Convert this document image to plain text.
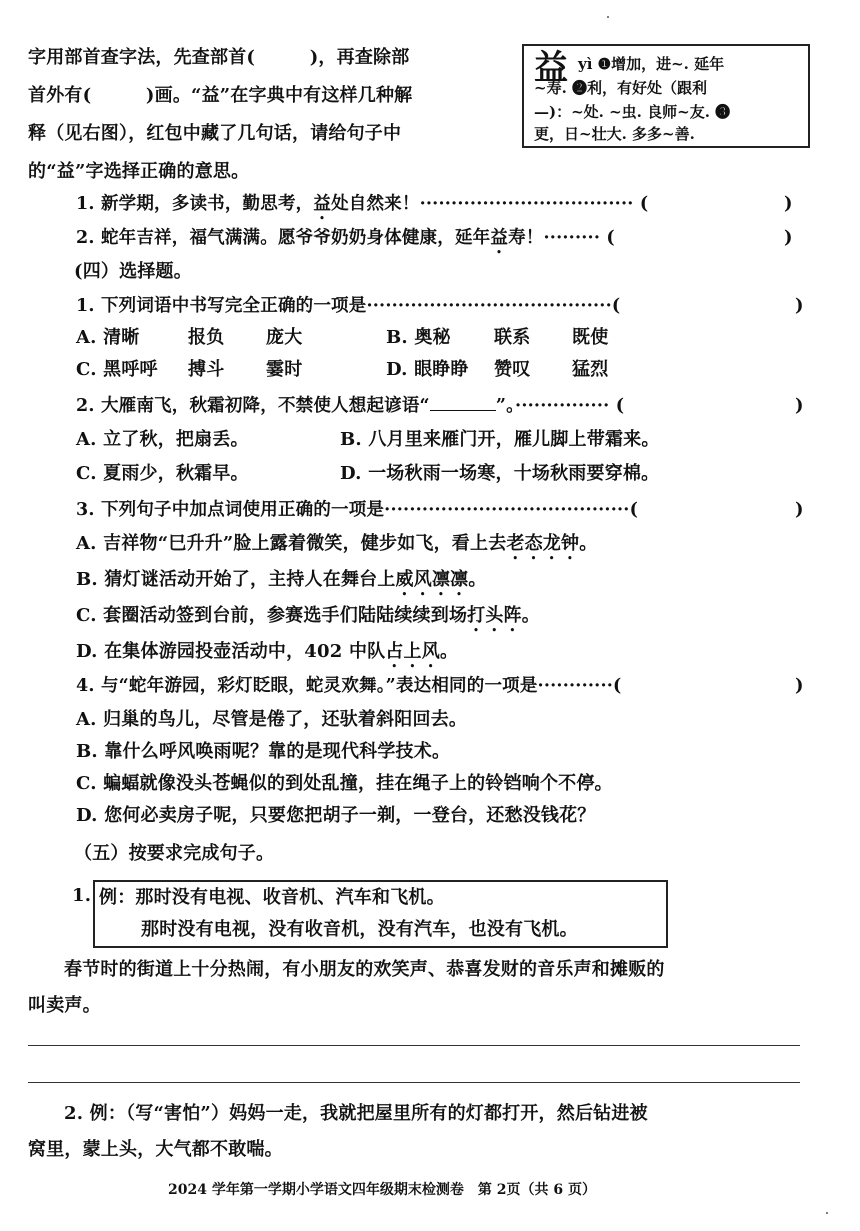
字用部首查字法，先查部首(　　　)，再查除部
首外有(　　　)画。“益”在字典中有这样几种解
释（见右图），红包中藏了几句话，请给句子中
的“益”字选择正确的意思。
益 yì ❶增加，进~. 延年
~寿. ❷利，有好处（跟利
—)：~处. ~虫. 良师~友. ❸
更，日~壮大. 多多~善.
1. 新学期，多读书，勤思考，益处自然来！·································· (	)
2. 蛇年吉祥，福气满满。愿爷爷奶奶身体健康，延年益寿！········· (	)
(四）选择题。
1. 下列词语中书写完全正确的一项是·······································(	)
A. 清晰	报负 庞大	B. 奥秘 联系 既使
C. 黑呼呼 搏斗 霎时	D. 眼睁睁 赞叹 猛烈
2. 大雁南飞，秋霜初降，不禁使人想起谚语“	”。··············· (	)
A. 立了秋，把扇丢。	B. 八月里来雁门开，雁儿脚上带霜来。
C. 夏雨少，秋霜早。	D. 一场秋雨一场寒，十场秋雨要穿棉。
3. 下列句子中加点词使用正确的一项是·······································(	)
A. 吉祥物“巳升升”脸上露着微笑，健步如飞，看上去老态龙钟。
B. 猜灯谜活动开始了，主持人在舞台上威风凛凛。
C. 套圈活动签到台前，参赛选手们陆陆续续到场打头阵。
D. 在集体游园投壶活动中，402 中队占上风。
4. 与“蛇年游园，彩灯眨眼，蛇灵欢舞。”表达相同的一项是············(	)
A. 归巢的鸟儿，尽管是倦了，还驮着斜阳回去。
B. 靠什么呼风唤雨呢？靠的是现代科学技术。
C. 蝙蝠就像没头苍蝇似的到处乱撞，挂在绳子上的铃铛响个不停。
D. 您何必卖房子呢，只要您把胡子一剃，一登台，还愁没钱花？
（五）按要求完成句子。
1. 例：那时没有电视、收音机、汽车和飞机。
那时没有电视，没有收音机，没有汽车，也没有飞机。
春节时的街道上十分热闹，有小朋友的欢笑声、恭喜发财的音乐声和摊贩的
叫卖声。
2. 例：（写“害怕”）妈妈一走，我就把屋里所有的灯都打开，然后钻进被
窝里，蒙上头，大气都不敢喘。
2024 学年第一学期小学语文四年级期末检测卷　第 2页（共 6 页）
